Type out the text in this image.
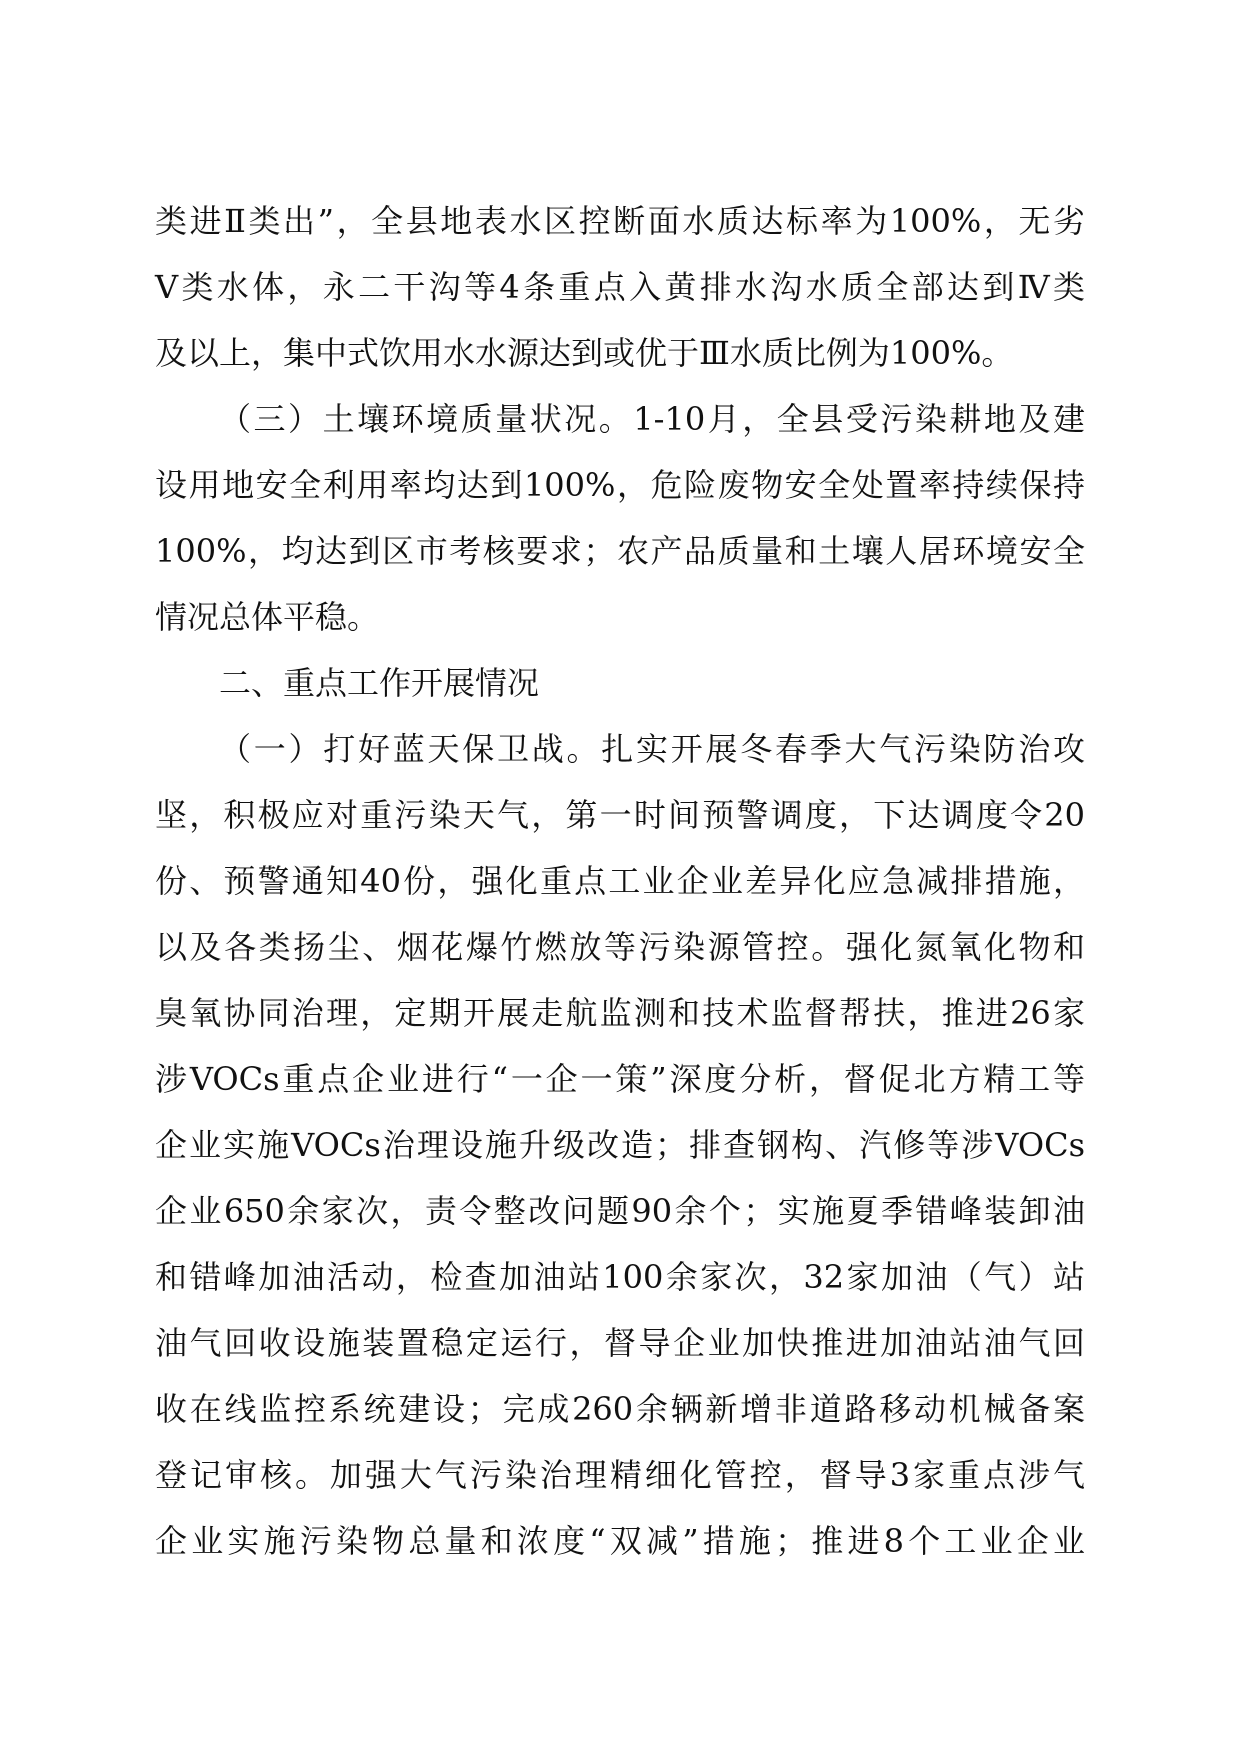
类进Ⅱ类出”，全县地表水区控断面水质达标率为100%，无劣
Ⅴ类水体，永二干沟等4条重点入黄排水沟水质全部达到Ⅳ类
及以上，集中式饮用水水源达到或优于Ⅲ水质比例为100%。
（三）土壤环境质量状况。1-10月，全县受污染耕地及建
设用地安全利用率均达到100%，危险废物安全处置率持续保持
100%，均达到区市考核要求；农产品质量和土壤人居环境安全
情况总体平稳。
二、重点工作开展情况
（一）打好蓝天保卫战。扎实开展冬春季大气污染防治攻
坚，积极应对重污染天气，第一时间预警调度，下达调度令20
份、预警通知40份，强化重点工业企业差异化应急减排措施，
以及各类扬尘、烟花爆竹燃放等污染源管控。强化氮氧化物和
臭氧协同治理，定期开展走航监测和技术监督帮扶，推进26家
涉VOCs重点企业进行“一企一策”深度分析，督促北方精工等
企业实施VOCs治理设施升级改造；排查钢构、汽修等涉VOCs
企业650余家次，责令整改问题90余个；实施夏季错峰装卸油
和错峰加油活动，检查加油站100余家次，32家加油（气）站
油气回收设施装置稳定运行，督导企业加快推进加油站油气回
收在线监控系统建设；完成260余辆新增非道路移动机械备案
登记审核。加强大气污染治理精细化管控，督导3家重点涉气
企业实施污染物总量和浓度“双减”措施；推进8个工业企业
